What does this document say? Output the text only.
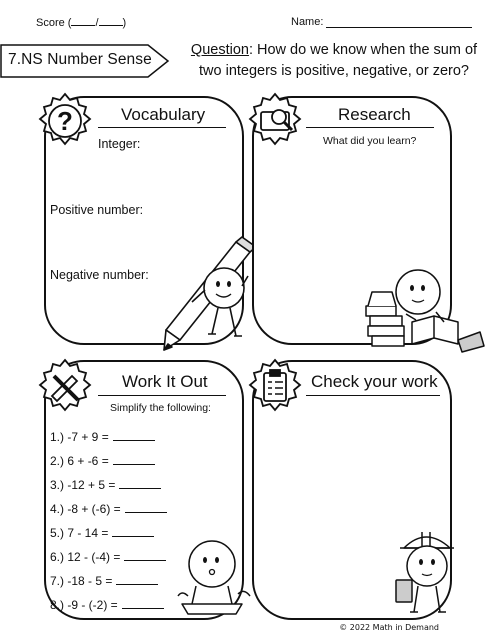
Score ( / )	Name:
7.NS Number Sense
Question: How do we know when the sum of two integers is positive, negative, or zero?
?	Vocabulary
Integer:
Positive number:
Negative number:
Research
What did you learn?
Work It Out
Simplify the following:
1.) -7 + 9 =
2.) 6 + -6 =
3.) -12 + 5 =
4.) -8 + (-6) =
5.) 7 - 14 =
6.) 12 - (-4) =
7.) -18 - 5 =
8.) -9 - (-2) =
Check your work
© 2022 Math in Demand
